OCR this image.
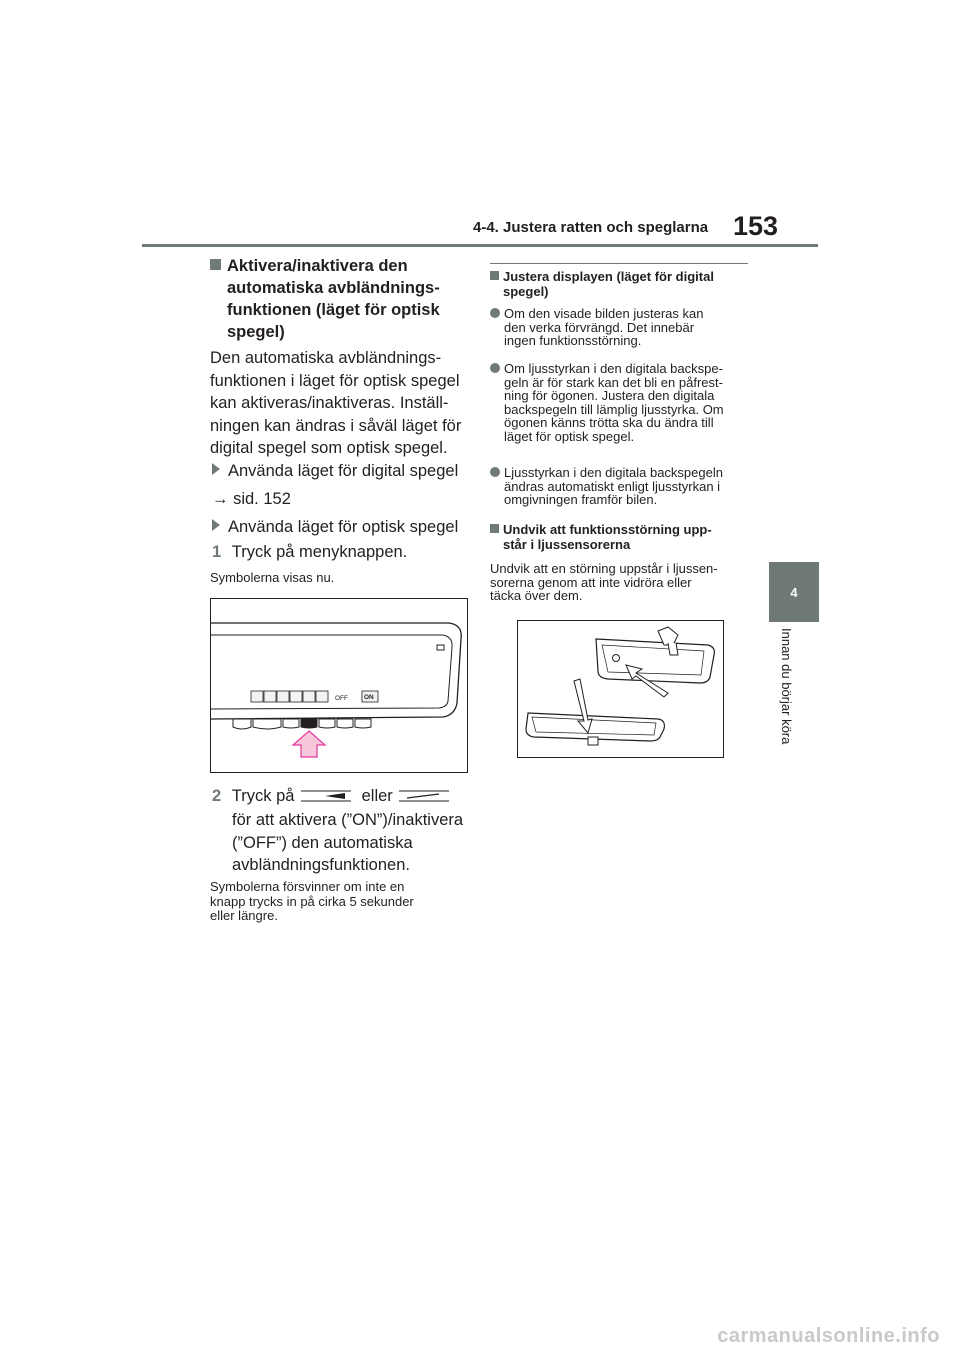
4-4. Justera ratten och speglarna 153
4
Innan du börjar köra
Aktivera/inaktivera den
automatiska avbländnings-
funktionen (läget för optisk
spegel)
Den automatiska avbländnings-
funktionen i läget för optisk spegel
kan aktiveras/inaktiveras. Inställ-
ningen kan ändras i såväl läget för
digital spegel som optisk spegel.
Använda läget för digital spegel
→ sid. 152
Använda läget för optisk spegel
1 Tryck på menyknappen.
Symbolerna visas nu.
OFF ON
2 Tryck på	eller
för att aktivera (”ON”)/inaktivera
(”OFF”) den automatiska
avbländningsfunktionen.
Symbolerna försvinner om inte en
knapp trycks in på cirka 5 sekunder
eller längre.
Justera displayen (läget för digital
spegel)
Om den visade bilden justeras kan
den verka förvrängd. Det innebär
ingen funktionsstörning.
Om ljusstyrkan i den digitala backspe-
geln är för stark kan det bli en påfrest-
ning för ögonen. Justera den digitala
backspegeln till lämplig ljusstyrka. Om
ögonen känns trötta ska du ändra till
läget för optisk spegel.
Ljusstyrkan i den digitala backspegeln
ändras automatiskt enligt ljusstyrkan i
omgivningen framför bilen.
Undvik att funktionsstörning upp-
står i ljussensorerna
Undvik att en störning uppstår i ljussen-
sorerna genom att inte vidröra eller
täcka över dem.
carmanualsonline.info
